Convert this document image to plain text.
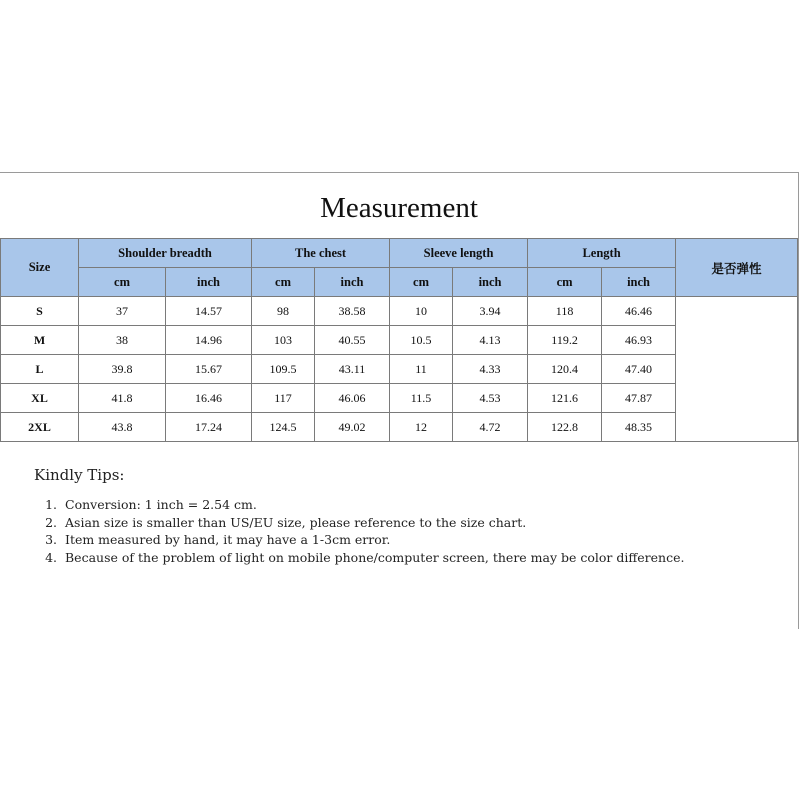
Measurement
Size	Shoulder breadth		The chest		Sleeve length		Length		是否弹性
	cm	inch	cm	inch	cm	inch	cm	inch	
S	37	14.57	98	38.58	10	3.94	118	46.46	
M	38	14.96	103	40.55	10.5	4.13	119.2	46.93	
L	39.8	15.67	109.5	43.11	11	4.33	120.4	47.40	
XL	41.8	16.46	117	46.06	11.5	4.53	121.6	47.87	
2XL	43.8	17.24	124.5	49.02	12	4.72	122.8	48.35	
Kindly Tips:
1. Conversion: 1 inch = 2.54 cm.
2. Asian size is smaller than US/EU size, please reference to the size chart.
3. Item measured by hand, it may have a 1-3cm error.
4. Because of the problem of light on mobile phone/computer screen, there may be color difference.
